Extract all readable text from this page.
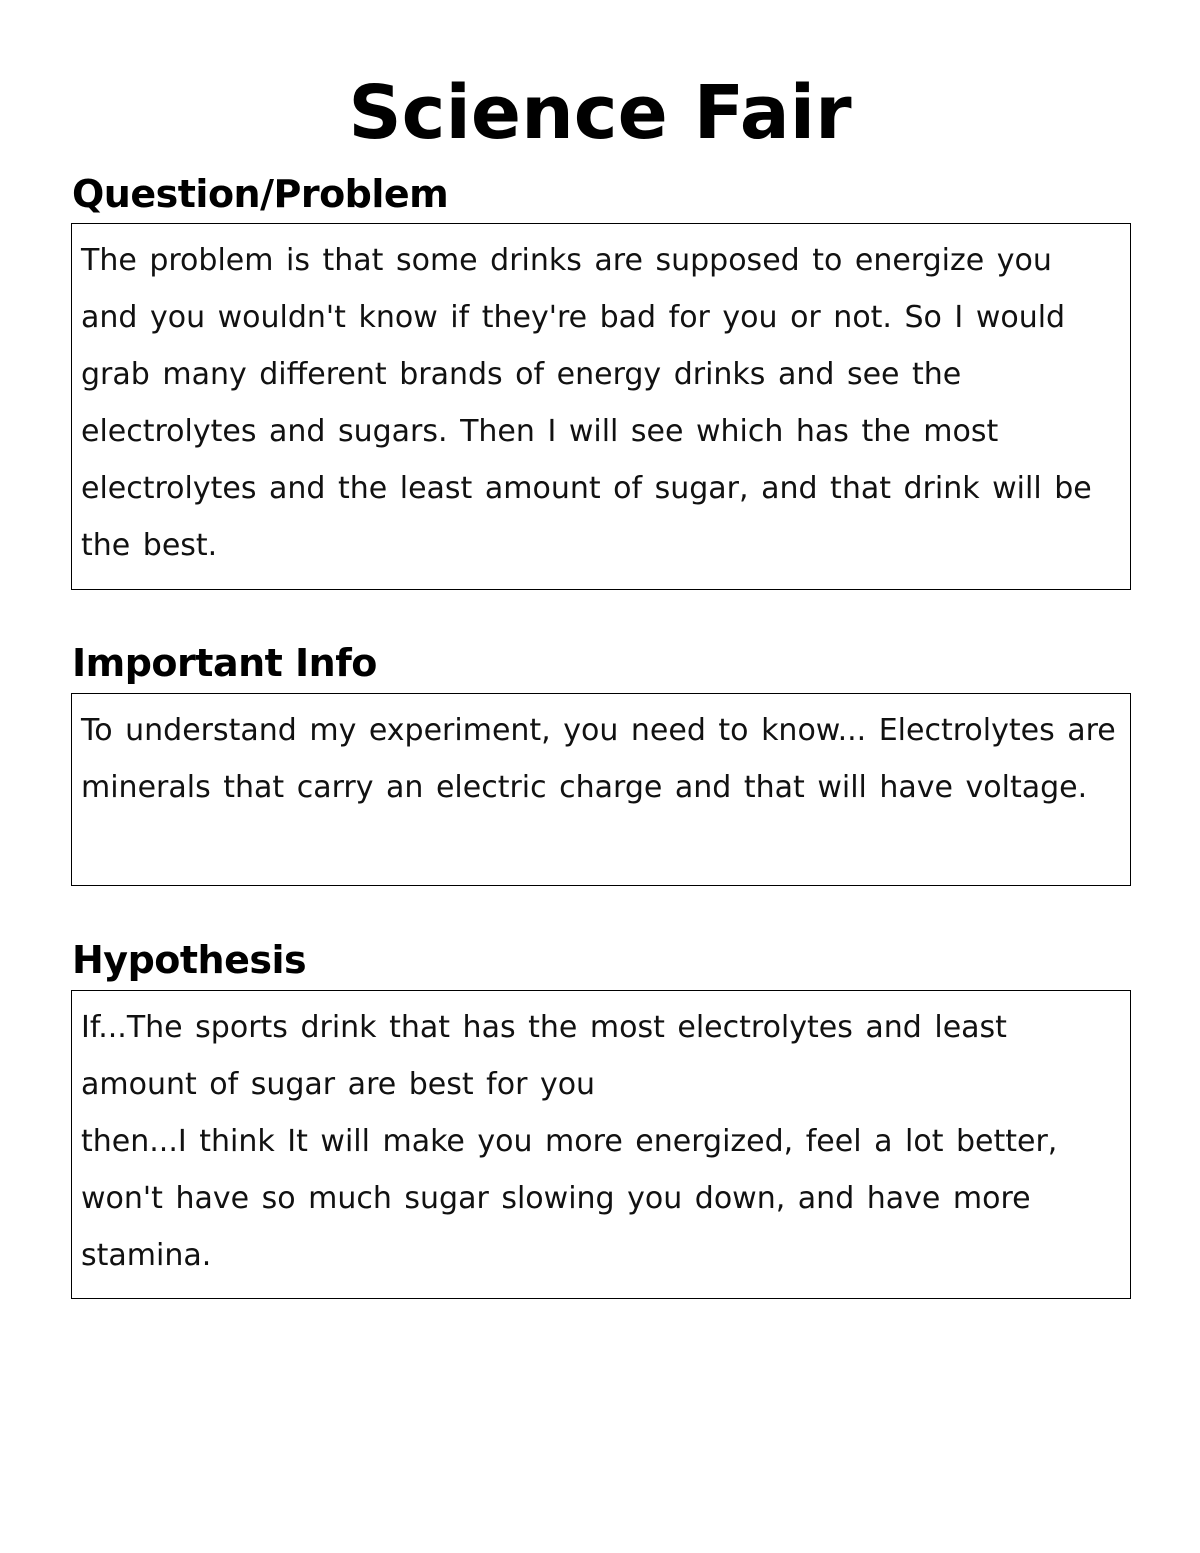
Science Fair
Question/Problem

The problem is that some drinks are supposed to energize you and you wouldn't know if they're bad for you or not. So I would grab many different brands of energy drinks and see the electrolytes and sugars. Then I will see which has the most electrolytes and the least amount of sugar, and that drink will be the best.

Important Info

To understand my experiment, you need to know... Electrolytes are minerals that carry an electric charge and that will have voltage.

Hypothesis

If...The sports drink that has the most electrolytes and least amount of sugar are best for you

then...I think It will make you more energized, feel a lot better, won't have so much sugar slowing you down, and have more stamina.
